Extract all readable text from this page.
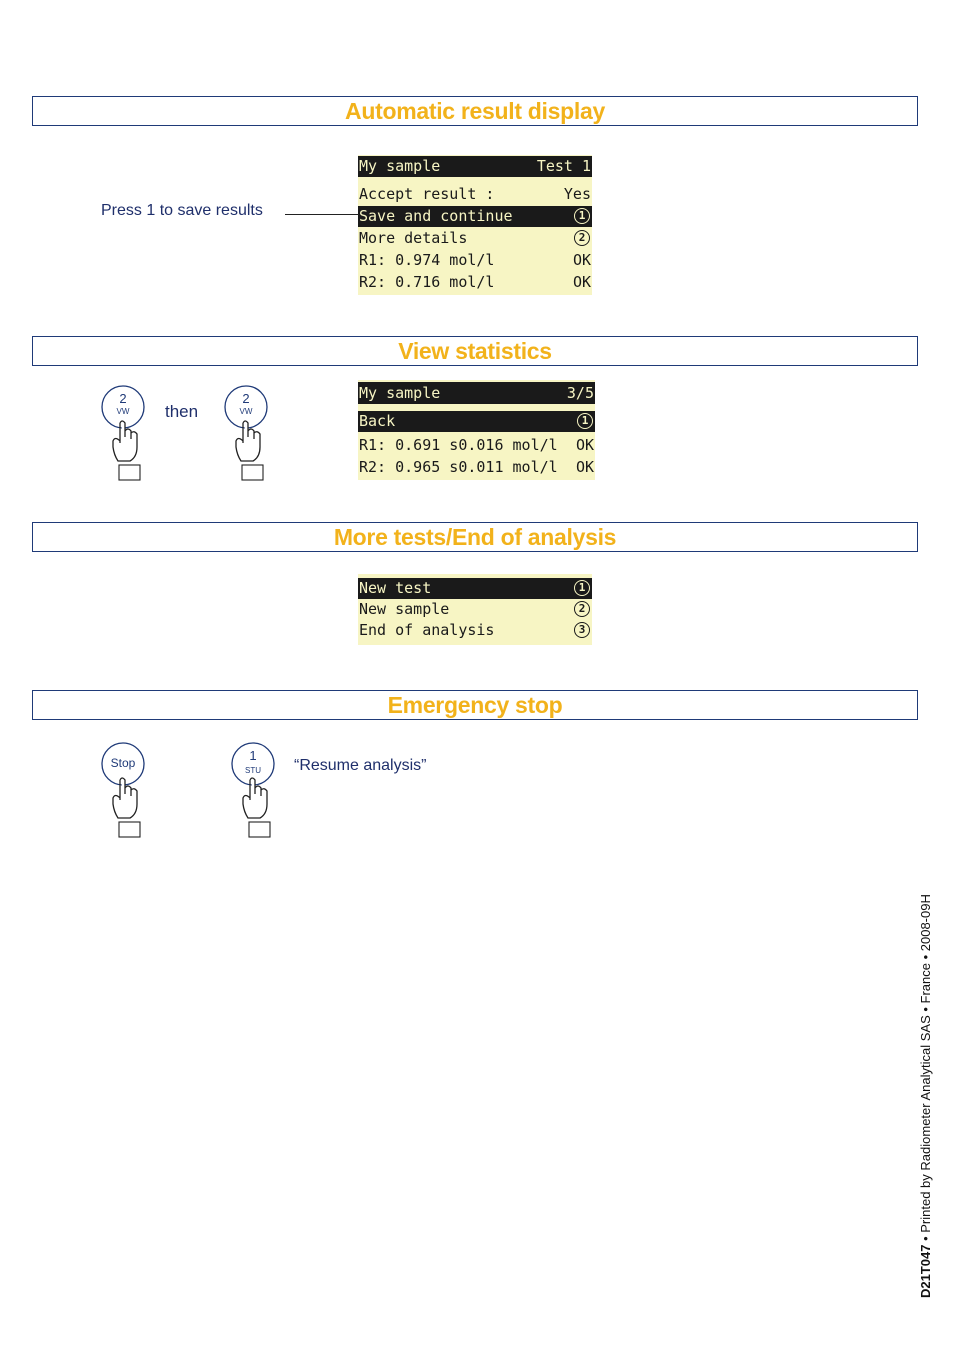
Automatic result display
My sample	Test 1
Accept result :	Yes
Save and continue	1
More details	2
R1: 0.974 mol/l	OK
R2: 0.716 mol/l	OK
Press 1 to save results
View statistics
2
VW	then
2
VW
My sample	3/5
Back	1
R1: 0.691 s0.016 mol/l OK
R2: 0.965 s0.011 mol/l OK
More tests/End of analysis
New test	1
New sample	2
End of analysis	3
Emergency stop
Stop	1
STU	“Resume analysis”
D21T047 • Printed by Radiometer Analytical SAS • France • 2008-09H
